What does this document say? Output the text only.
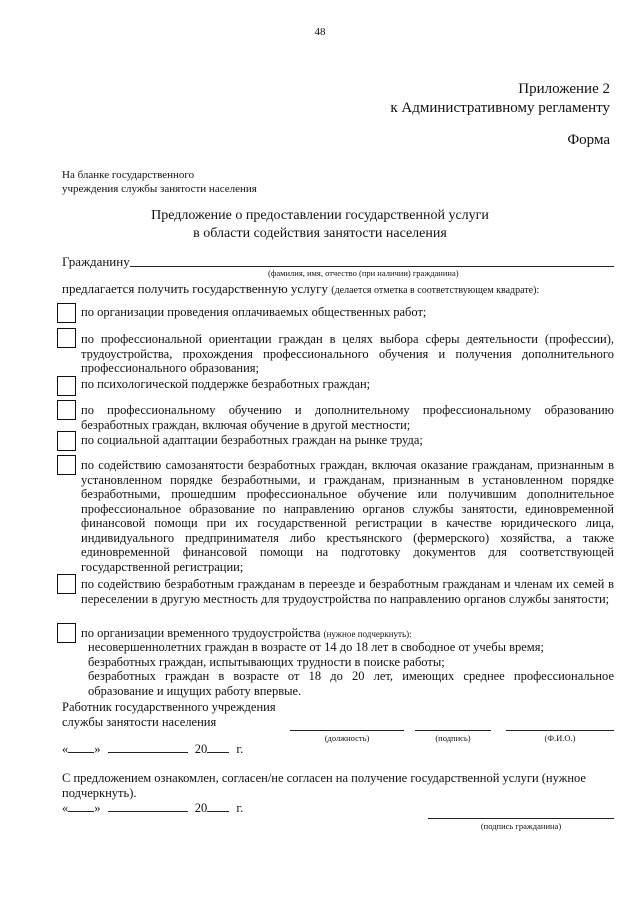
48
Приложение 2
к Административному регламенту
Форма
На бланке государственного
учреждения службы занятости населения
Предложение о предоставлении государственной услуги
в области содействия занятости населения
Гражданину
(фамилия, имя, отчество (при наличии) гражданина)
предлагается получить государственную услугу (делается отметка в соответствующем квадрате):
по организации проведения оплачиваемых общественных работ;
по профессиональной ориентации граждан в целях выбора сферы деятельности (профессии), трудоустройства, прохождения профессионального обучения и получения дополнительного профессионального образования;
по психологической поддержке безработных граждан;
по профессиональному обучению и дополнительному профессиональному образованию безработных граждан, включая обучение в другой местности;
по социальной адаптации безработных граждан на рынке труда;
по содействию самозанятости безработных граждан, включая оказание гражданам, признанным в установленном порядке безработными, и гражданам, признанным в установленном порядке безработными, прошедшим профессиональное обучение или получившим дополнительное профессиональное образование по направлению органов службы занятости, единовременной финансовой помощи при их государственной регистрации в качестве юридического лица, индивидуального предпринимателя либо крестьянского (фермерского) хозяйства, а также единовременной финансовой помощи на подготовку документов для соответствующей государственной регистрации;
по содействию безработным гражданам в переезде и безработным гражданам и членам их семей в переселении в другую местность для трудоустройства по направлению органов службы занятости;
по организации временного трудоустройства (нужное подчеркнуть):
несовершеннолетних граждан в возрасте от 14 до 18 лет в свободное от учебы время;
безработных граждан, испытывающих трудности в поиске работы;
безработных граждан в возрасте от 18 до 20 лет, имеющих среднее профессиональное образование и ищущих работу впервые.
Работник государственного учреждения
службы занятости населения
(должность)	(подпись)	(Ф.И.О.)
« »	20 г.
С предложением ознакомлен, согласен/не согласен на получение государственной услуги (нужное подчеркнуть).
« »	20 г.
(подпись гражданина)
